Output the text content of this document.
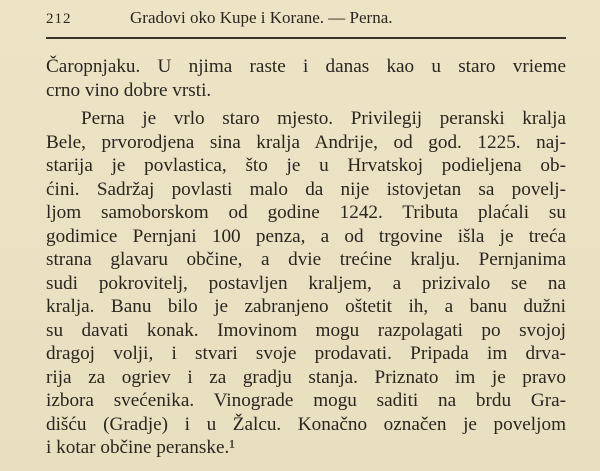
212	Gradovi oko Kupe i Korane. — Perna.
Čaropnjaku. U njima raste i danas kao u staro vrieme
crno vino dobre vrsti.
Perna je vrlo staro mjesto. Privilegij peranski kralja
Bele, prvorodjena sina kralja Andrije, od god. 1225. naj-
starija je povlastica, što je u Hrvatskoj podieljena ob-
ćini. Sadržaj povlasti malo da nije istovjetan sa povelj-
ljom samoborskom od godine 1242. Tributa plaćali su
godimice Pernjani 100 penza, a od trgovine išla je treća
strana glavaru občine, a dvie trećine kralju. Pernjanima
sudi pokrovitelj, postavljen kraljem, a prizivalo se na
kralja. Banu bilo je zabranjeno oštetit ih, a banu dužni
su davati konak. Imovinom mogu razpolagati po svojoj
dragoj volji, i stvari svoje prodavati. Pripada im drva-
rija za ogriev i za gradju stanja. Priznato im je pravo
izbora svećenika. Vinograde mogu saditi na brdu Gra-
dišću (Gradje) i u Žalcu. Konačno označen je poveljom
i kotar občine peranske.¹
